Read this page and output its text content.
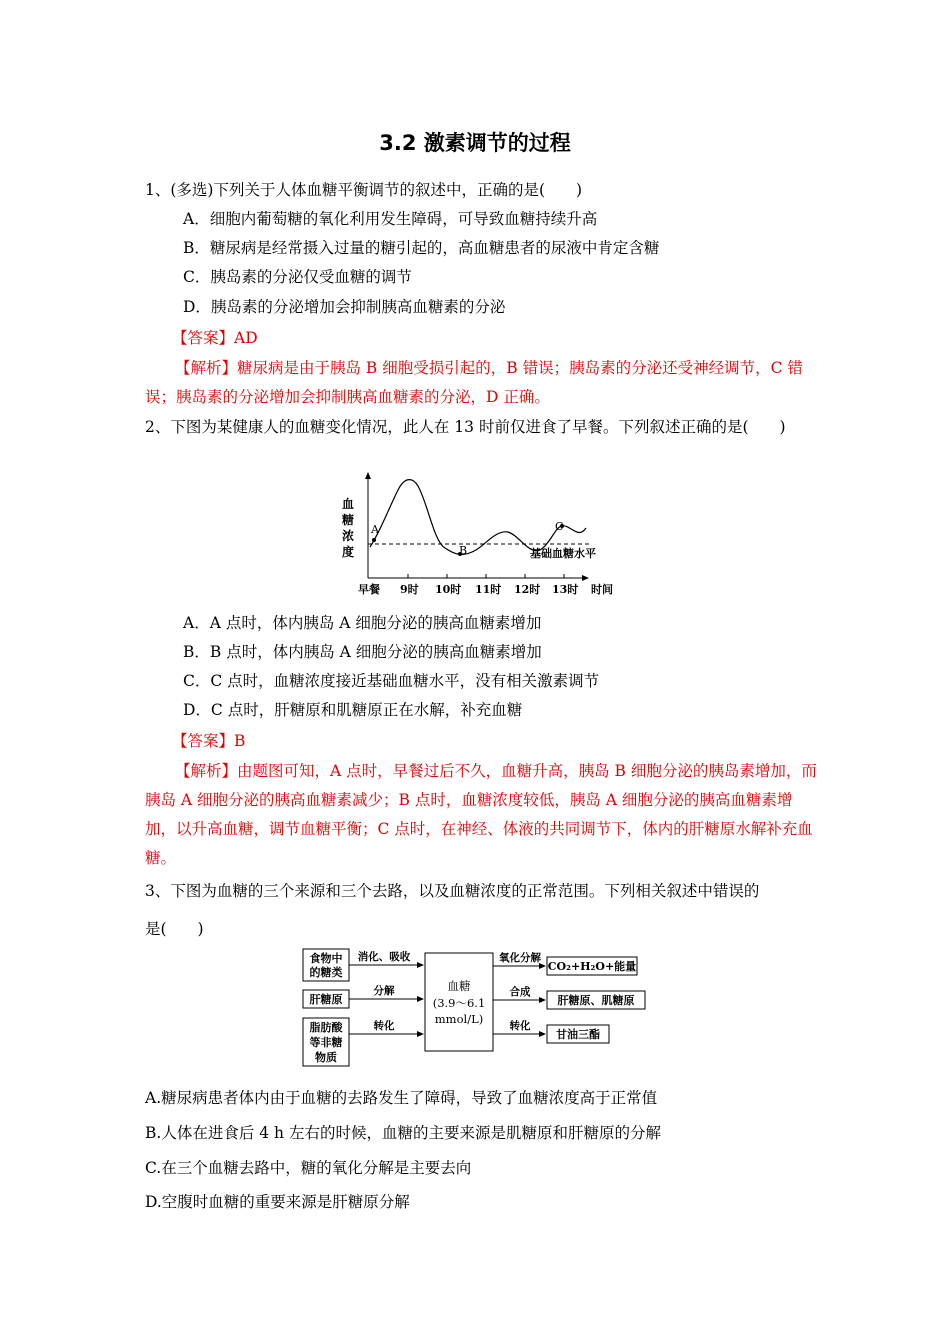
3.2 激素调节的过程
1、(多选)下列关于人体血糖平衡调节的叙述中，正确的是(　　)
A．细胞内葡萄糖的氧化利用发生障碍，可导致血糖持续升高
B．糖尿病是经常摄入过量的糖引起的，高血糖患者的尿液中肯定含糖
C．胰岛素的分泌仅受血糖的调节
D．胰岛素的分泌增加会抑制胰高血糖素的分泌
【答案】AD
【解析】糖尿病是由于胰岛 B 细胞受损引起的，B 错误；胰岛素的分泌还受神经调节，C 错误；胰岛素的分泌增加会抑制胰高血糖素的分泌，D 正确。
2、下图为某健康人的血糖变化情况，此人在 13 时前仅进食了早餐。下列叙述正确的是(　　)
A
B
C
血
糖
浓
度	基础血糖水平
早餐 9时 10时 11时 12时 13时 时间
A．A 点时，体内胰岛 A 细胞分泌的胰高血糖素增加
B．B 点时，体内胰岛 A 细胞分泌的胰高血糖素增加
C．C 点时，血糖浓度接近基础血糖水平，没有相关激素调节
D．C 点时，肝糖原和肌糖原正在水解，补充血糖
【答案】B
【解析】由题图可知，A 点时，早餐过后不久，血糖升高，胰岛 B 细胞分泌的胰岛素增加，而胰岛 A 细胞分泌的胰高血糖素减少；B 点时，血糖浓度较低，胰岛 A 细胞分泌的胰高血糖素增加，以升高血糖，调节血糖平衡；C 点时，在神经、体液的共同调节下，体内的肝糖原水解补充血糖。
3、下图为血糖的三个来源和三个去路，以及血糖浓度的正常范围。下列相关叙述中错误的
是(　　)
食物中
的糖类
肝糖原
脂肪酸
等非糖
物质
消化、吸收
分解
转化
血糖
(3.9～6.1
mmol/L)
氧化分解
合成
转化
CO₂+H₂O+能量
肝糖原、肌糖原
甘油三酯
A.糖尿病患者体内由于血糖的去路发生了障碍，导致了血糖浓度高于正常值
B.人体在进食后 4 h 左右的时候，血糖的主要来源是肌糖原和肝糖原的分解
C.在三个血糖去路中，糖的氧化分解是主要去向
D.空腹时血糖的重要来源是肝糖原分解
